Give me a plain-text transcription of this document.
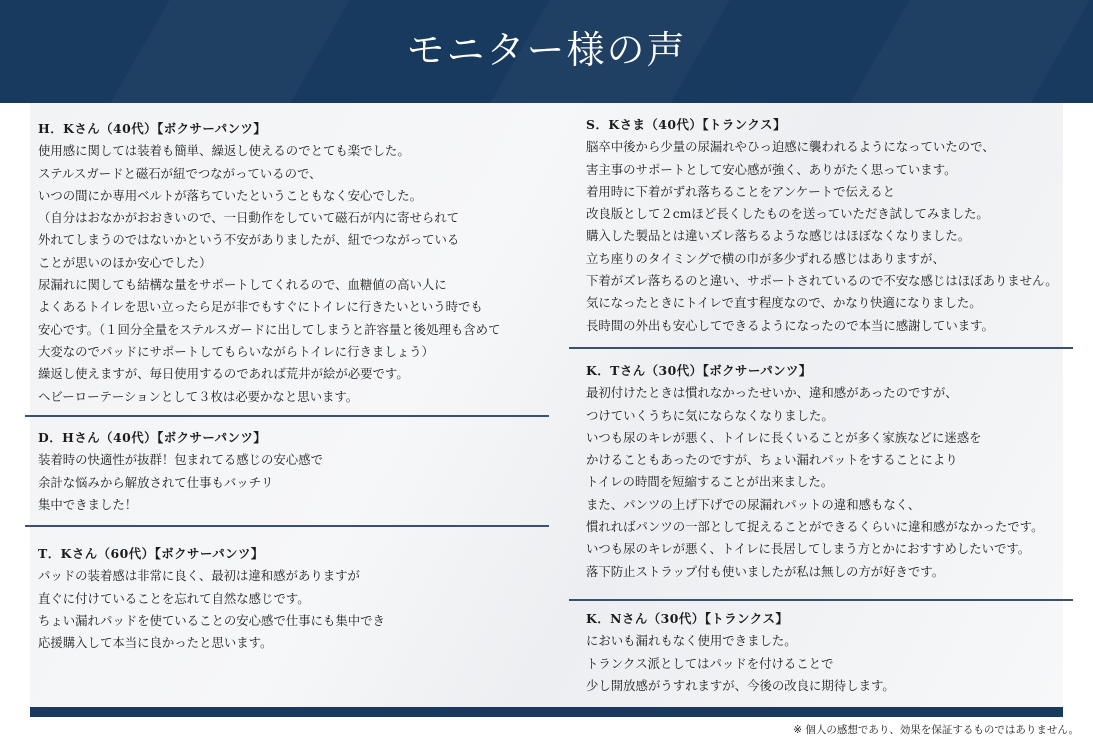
モニター様の声
H．Kさん（40代）【ボクサーパンツ】
使用感に関しては装着も簡単、繰返し使えるのでとても楽でした。
ステルスガードと磁石が紐でつながっているので、
いつの間にか専用ベルトが落ちていたということもなく安心でした。
（自分はおなかがおおきいので、一日動作をしていて磁石が内に寄せられて
外れてしまうのではないかという不安がありましたが、紐でつながっている
ことが思いのほか安心でした）
尿漏れに関しても結構な量をサポートしてくれるので、血糖値の高い人に
よくあるトイレを思い立ったら足が非でもすぐにトイレに行きたいという時でも
安心です。（１回分全量をステルスガードに出してしまうと許容量と後処理も含めて
大変なのでパッドにサポートしてもらいながらトイレに行きましょう）
繰返し使えますが、毎日使用するのであれば荒井が絵が必要です。
ヘビーローテーションとして３枚は必要かなと思います。
D．Hさん（40代）【ボクサーパンツ】
装着時の快適性が抜群！包まれてる感じの安心感で
余計な悩みから解放されて仕事もバッチリ
集中できました！
T．Kさん（60代）【ボクサーパンツ】
パッドの装着感は非常に良く、最初は違和感がありますが
直ぐに付けていることを忘れて自然な感じです。
ちょい漏れパッドを使ていることの安心感で仕事にも集中でき
応援購入して本当に良かったと思います。
S．Kさま（40代）【トランクス】
脳卒中後から少量の尿漏れやひっ迫感に襲われるようになっていたので、
害主事のサポートとして安心感が強く、ありがたく思っています。
着用時に下着がずれ落ちることをアンケートで伝えると
改良版として２cmほど長くしたものを送っていただき試してみました。
購入した製品とは違いズレ落ちるような感じはほぼなくなりました。
立ち座りのタイミングで横の巾が多少ずれる感じはありますが、
下着がズレ落ちるのと違い、サポートされているので不安な感じはほぼありません。
気になったときにトイレで直す程度なので、かなり快適になりました。
長時間の外出も安心してできるようになったので本当に感謝しています。
K．Tさん（30代）【ボクサーパンツ】
最初付けたときは慣れなかったせいか、違和感があったのですが、
つけていくうちに気にならなくなりました。
いつも尿のキレが悪く、トイレに長くいることが多く家族などに迷惑を
かけることもあったのですが、ちょい漏れパットをすることにより
トイレの時間を短縮することが出来ました。
また、パンツの上げ下げでの尿漏れパットの違和感もなく、
慣れればパンツの一部として捉えることができるくらいに違和感がなかったです。
いつも尿のキレが悪く、トイレに長居してしまう方とかにおすすめしたいです。
落下防止ストラップ付も使いましたが私は無しの方が好きです。
K．Nさん（30代）【トランクス】
においも漏れもなく使用できました。
トランクス派としてはパッドを付けることで
少し開放感がうすれますが、今後の改良に期待します。
※ 個人の感想であり、効果を保証するものではありません。
